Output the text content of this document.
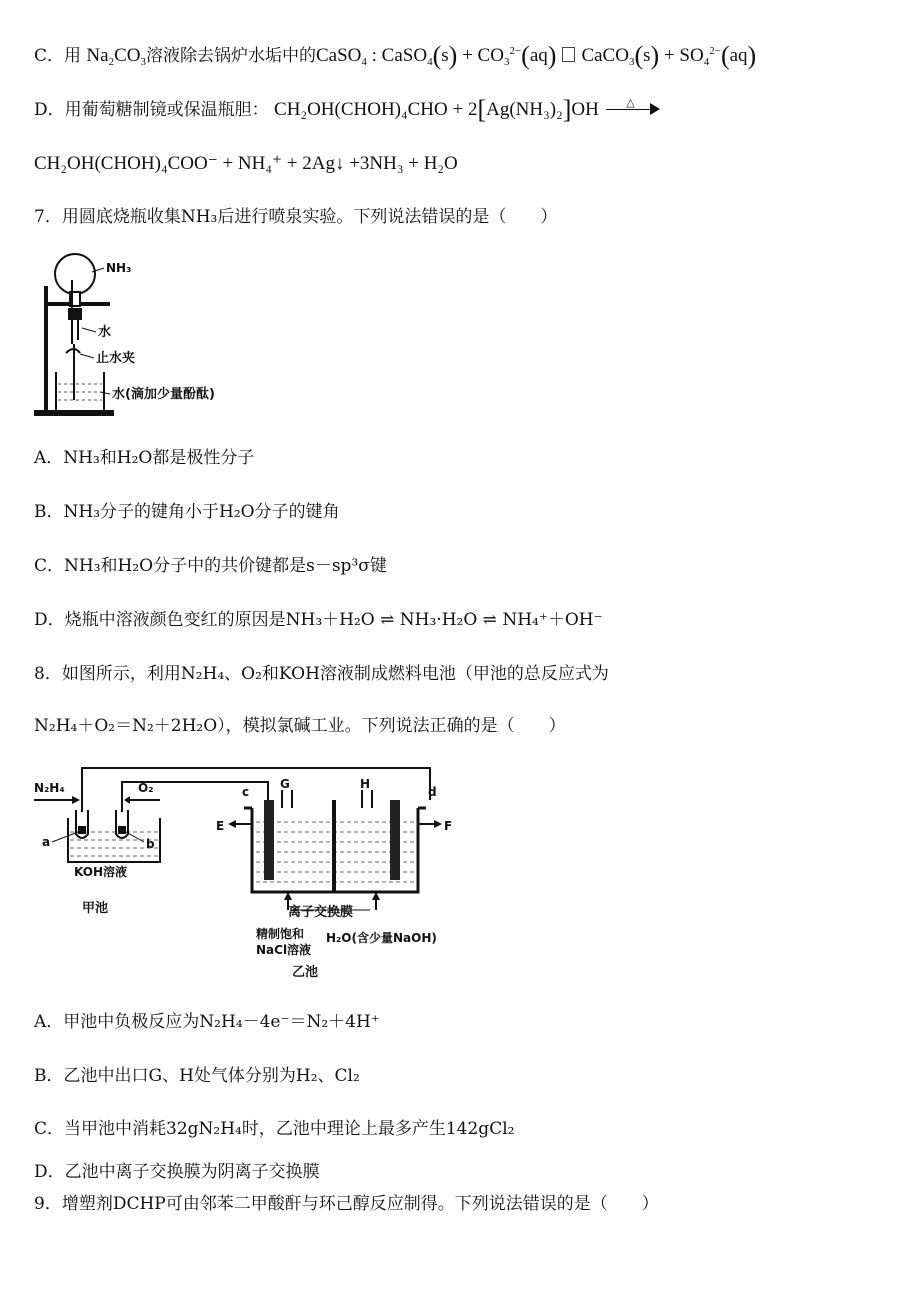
C．用 $Na_2CO_3$溶液除去锅炉水垢中的CaSO$_4$ : CaSO$_4$(s) + $CO_3^{2-}(aq)$ CaCO$_3$(s) + $SO_4^{2-}(aq)$
D．用葡萄糖制镜或保温瓶胆： CH₂OH(CHOH)₄CHO + 2[Ag(NH₃)₂]OH △
CH₂OH(CHOH)₄COO⁻ + NH₄⁺ + 2Ag↓ +3NH₃ + H₂O
7．用圆底烧瓶收集NH₃后进行喷泉实验。下列说法错误的是（　　）
NH₃
水
止水夹
水(滴加少量酚酞)
A．NH₃和H₂O都是极性分子
B．NH₃分子的键角小于H₂O分子的键角
C．NH₃和H₂O分子中的共价键都是s－sp³σ键
D．烧瓶中溶液颜色变红的原因是NH₃＋H₂O ⇌ NH₃·H₂O ⇌ NH₄⁺＋OH⁻
8．如图所示，利用N₂H₄、O₂和KOH溶液制成燃料电池（甲池的总反应式为
N₂H₄＋O₂＝N₂＋2H₂O），模拟氯碱工业。下列说法正确的是（　　）
N₂H₄	O₂
a	b
KOH溶液
甲池
G	H
c	d
E	F
离子交换膜
精制饱和
NaCl溶液
H₂O(含少量NaOH)
乙池
A．甲池中负极反应为N₂H₄－4e⁻＝N₂＋4H⁺
B．乙池中出口G、H处气体分别为H₂、Cl₂
C．当甲池中消耗32gN₂H₄时，乙池中理论上最多产生142gCl₂
D．乙池中离子交换膜为阴离子交换膜
9．增塑剂DCHP可由邻苯二甲酸酐与环己醇反应制得。下列说法错误的是（　　）
